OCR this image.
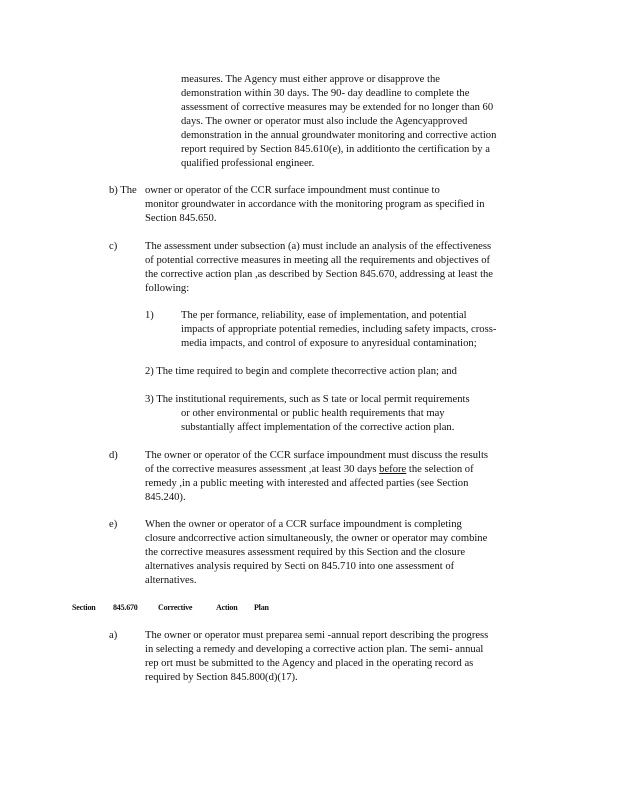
measures. The Agency must either approve or disapprove the
demonstration within 30 days. The 90- day deadline to complete the
assessment of corrective measures may be extended for no longer than 60
days. The owner or operator must also include the Agencyapproved
demonstration in the annual groundwater monitoring and corrective action
report required by Section 845.610(e), in additionto the certification by a
qualified professional engineer.
b) The owner or operator of the CCR surface impoundment must continue to
monitor groundwater in accordance with the monitoring program as specified in
Section 845.650.
c)	The assessment under subsection (a) must include an analysis of the effectiveness
of potential corrective measures in meeting all the requirements and objectives of
the corrective action plan ,as described by Section 845.670, addressing at least the
following:
1)	The per formance, reliability, ease of implementation, and potential
impacts of appropriate potential remedies, including safety impacts, cross-
media impacts, and control of exposure to anyresidual contamination;
2) The time required to begin and complete thecorrective action plan; and
3) The institutional requirements, such as S tate or local permit requirements
or other environmental or public health requirements that may
substantially affect implementation of the corrective action plan.
d)	The owner or operator of the CCR surface impoundment must discuss the results
of the corrective measures assessment ,at least 30 days before the selection of
remedy ,in a public meeting with interested and affected parties (see Section
845.240).
e)	When the owner or operator of a CCR surface impoundment is completing
closure andcorrective action simultaneously, the owner or operator may combine
the corrective measures assessment required by this Section and the closure
alternatives analysis required by Secti on 845.710 into one assessment of
alternatives.
Section 845.670	Corrective	Action Plan
a)	The owner or operator must preparea semi -annual report describing the progress
in selecting a remedy and developing a corrective action plan. The semi- annual
rep ort must be submitted to the Agency and placed in the operating record as
required by Section 845.800(d)(17).
